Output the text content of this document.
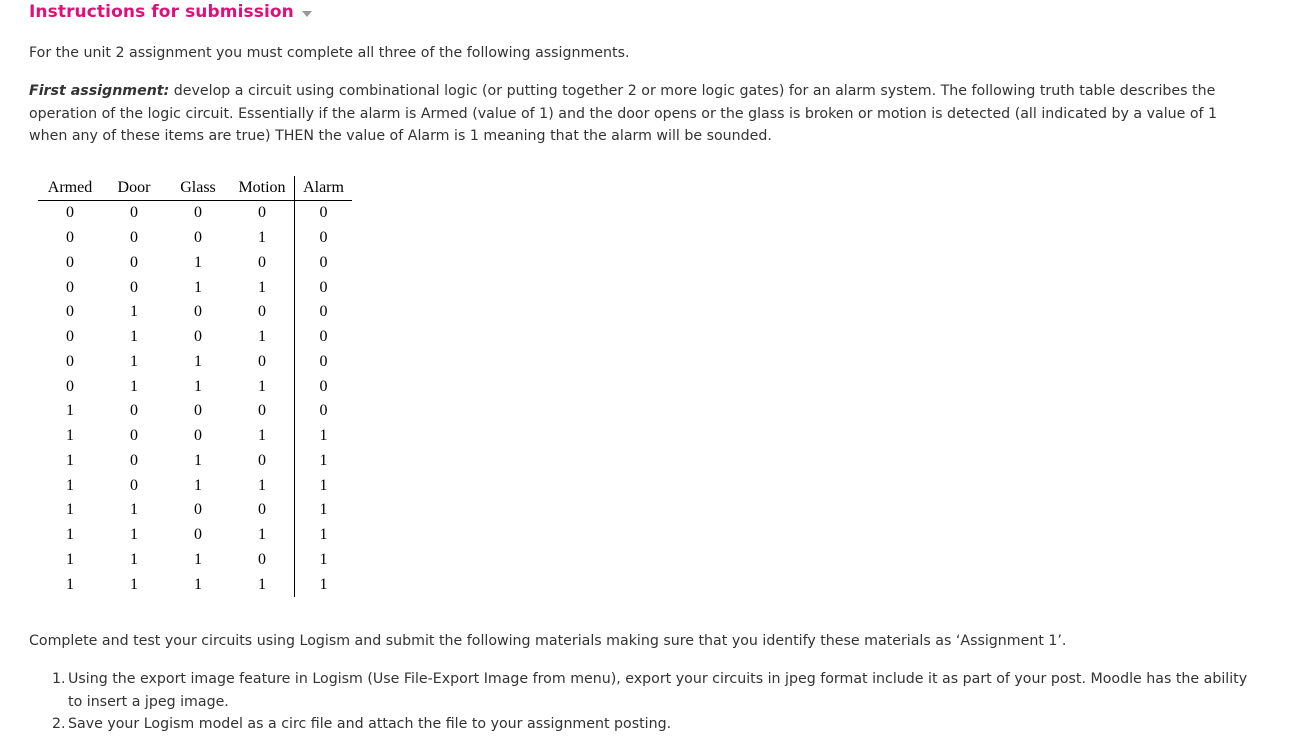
Instructions for submission
For the unit 2 assignment you must complete all three of the following assignments.
First assignment: develop a circuit using combinational logic (or putting together 2 or more logic gates) for an alarm system. The following truth table describes the operation of the logic circuit. Essentially if the alarm is Armed (value of 1) and the door opens or the glass is broken or motion is detected (all indicated by a value of 1 when any of these items are true) THEN the value of Alarm is 1 meaning that the alarm will be sounded.
Armed	Door	Glass	Motion	Alarm
0	0	0	0	0
0	0	0	1	0
0	0	1	0	0
0	0	1	1	0
0	1	0	0	0
0	1	0	1	0
0	1	1	0	0
0	1	1	1	0
1	0	0	0	0
1	0	0	1	1
1	0	1	0	1
1	0	1	1	1
1	1	0	0	1
1	1	0	1	1
1	1	1	0	1
1	1	1	1	1
Complete and test your circuits using Logism and submit the following materials making sure that you identify these materials as ‘Assignment 1’.
1. Using the export image feature in Logism (Use File-Export Image from menu), export your circuits in jpeg format include it as part of your post. Moodle has the ability to insert a jpeg image.
2. Save your Logism model as a circ file and attach the file to your assignment posting.
